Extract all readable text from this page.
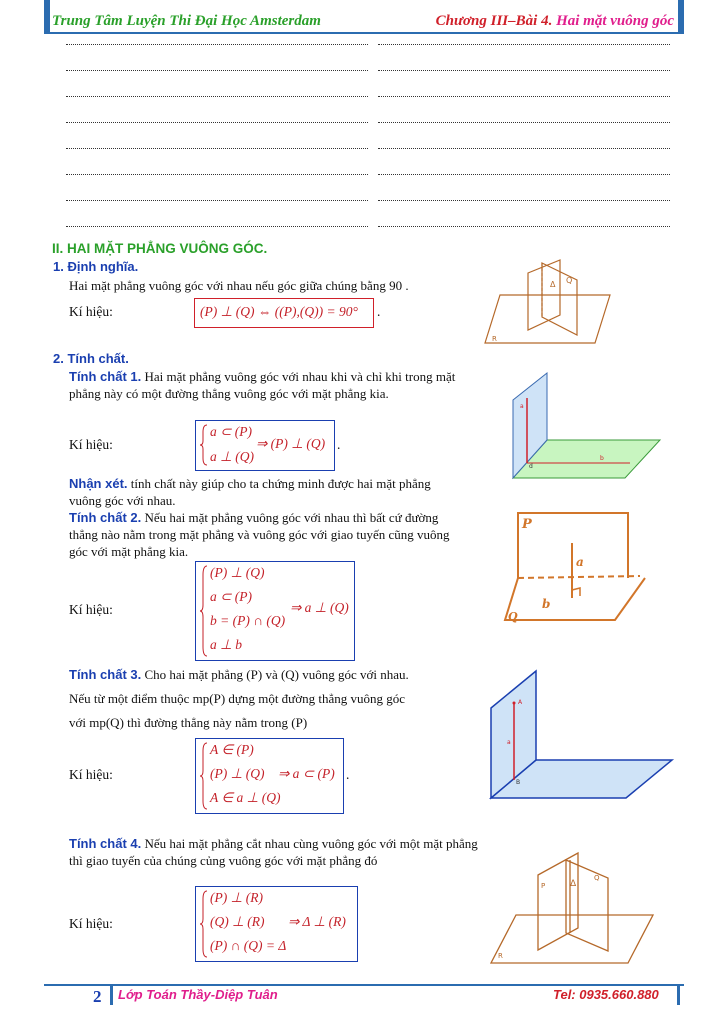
Trung Tâm Luyện Thi Đại Học Amsterdam	Chương III–Bài 4. Hai mặt vuông góc
II. HAI MẶT PHẲNG VUÔNG GÓC.
1. Định nghĩa.
Hai mặt phẳng vuông góc với nhau nếu góc giữa chúng bằng 90 .
Kí hiệu:	(P) ⊥ (Q) ⇔ ((P),(Q)) = 90° .
Q
Δ
R
2. Tính chất.
Tính chất 1. Hai mặt phẳng vuông góc với nhau khi và chỉ khi trong mặt phẳng này có một đường thẳng vuông góc với mặt phẳng kia.
Kí hiệu:
a ⊂ (P)
a ⊥ (Q)
⇒ (P) ⊥ (Q) .
a
b
d
Nhận xét. tính chất này giúp cho ta chứng minh được hai mặt phẳng vuông góc với nhau.
Tính chất 2. Nếu hai mặt phẳng vuông góc với nhau thì bất cứ đường thẳng nào nằm trong mặt phẳng và vuông góc với giao tuyến cũng vuông góc với mặt phẳng kia.
Kí hiệu:
(P) ⊥ (Q)
a ⊂ (P)
b = (P) ∩ (Q)
a ⊥ b
⇒ a ⊥ (Q)
P
a
b
Q
Tính chất 3. Cho hai mặt phẳng (P) và (Q) vuông góc với nhau.
Nếu từ một điểm thuộc mp(P) dựng một đường thẳng vuông góc
với mp(Q) thì đường thẳng này nằm trong (P)
Kí hiệu:
A ∈ (P)
(P) ⊥ (Q)
A ∈ a ⊥ (Q)
⇒ a ⊂ (P) .
A
a
B
Tính chất 4. Nếu hai mặt phẳng cắt nhau cùng vuông góc với một mặt phẳng thì giao tuyến của chúng củng vuông góc với mặt phẳng đó
Kí hiệu:
(P) ⊥ (R)
(Q) ⊥ (R)
(P) ∩ (Q) = Δ
⇒ Δ ⊥ (R)
P	Δ
Q
R
2 Lớp Toán Thầy-Diệp Tuân	Tel: 0935.660.880
